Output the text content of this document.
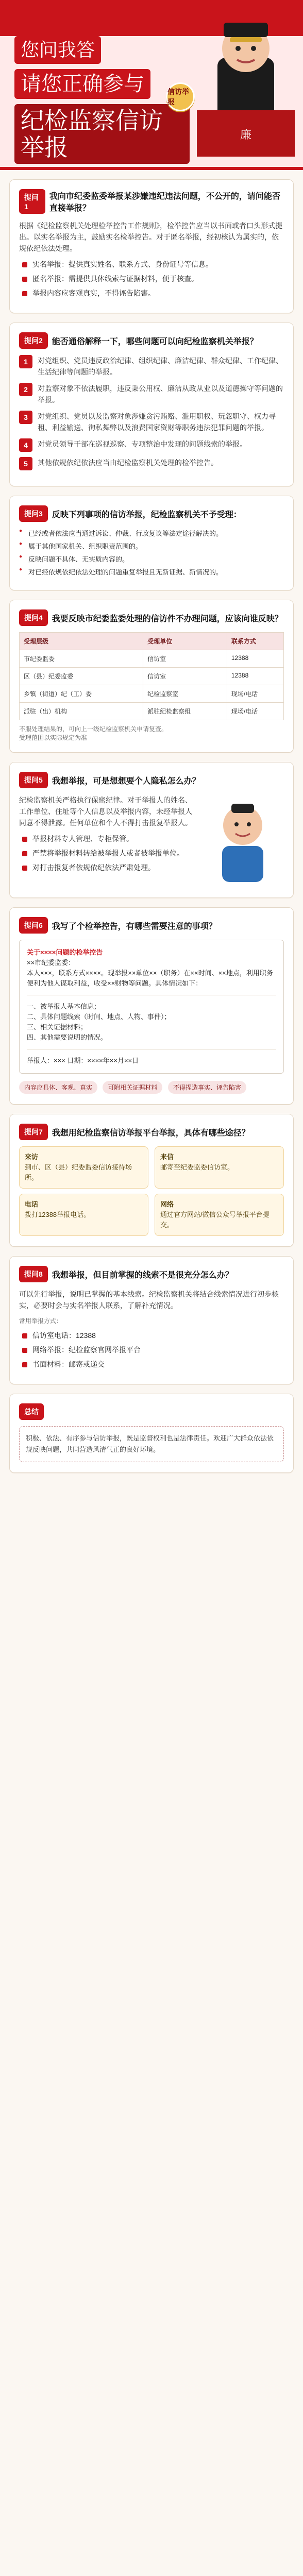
您问我答
请您正确参与
纪检监察信访举报
信访举报
廉
提问1
我向市纪委监委举报某涉嫌违纪违法问题，不公开的，请问能否直接举报？
根据《纪检监察机关处理检举控告工作规则》，检举控告应当以书面或者口头形式提出。以实名举报为主，鼓励实名检举控告。对于匿名举报，经初核认为属实的，依规依纪依法处理。
实名举报：提供真实姓名、联系方式、身份证号等信息。
匿名举报：需提供具体线索与证据材料，便于核查。
举报内容应客观真实，不得诬告陷害。
提问2	能否通俗解释一下，哪些问题可以向纪检监察机关举报？
1	对党组织、党员违反政治纪律、组织纪律、廉洁纪律、群众纪律、工作纪律、生活纪律等问题的举报。
2	对监察对象不依法履职，违反秉公用权、廉洁从政从业以及道德操守等问题的举报。
3	对党组织、党员以及监察对象涉嫌贪污贿赂、滥用职权、玩忽职守、权力寻租、利益输送、徇私舞弊以及浪费国家资财等职务违法犯罪问题的举报。
4	对党员领导干部在巡视巡察、专项整治中发现的问题线索的举报。
5	其他依规依纪依法应当由纪检监察机关处理的检举控告。
提问3	反映下列事项的信访举报，纪检监察机关不予受理：
● 已经或者依法应当通过诉讼、仲裁、行政复议等法定途径解决的。
● 属于其他国家机关、组织职责范围的。
● 反映问题不具体、无实质内容的。
● 对已经依规依纪依法处理的问题重复举报且无新证据、新情况的。
提问4	我要反映市纪委监委处理的信访件不办理问题，应该向谁反映？
受理层级	受理单位	联系方式
市纪委监委	信访室	12388
区（县）纪委监委	信访室	12388
乡镇（街道）纪（工）委	纪检监察室	现场/电话
派驻（出）机构	派驻纪检监察组	现场/电话
不服处理结果的，可向上一级纪检监察机关申请复查。
受理范围以实际规定为准
提问5	我想举报，可是想想要个人隐私怎么办？
纪检监察机关严格执行保密纪律。对于举报人的姓名、工作单位、住址等个人信息以及举报内容，未经举报人同意不得泄露。任何单位和个人不得打击报复举报人。
举报材料专人管理、专柜保管。
严禁将举报材料转给被举报人或者被举报单位。
对打击报复者依规依纪依法严肃处理。
提问6	我写了个检举控告，有哪些需要注意的事项？
关于××××问题的检举控告
××市纪委监委：
本人×××，联系方式××××。现举报××单位××（职务）在××时间、××地点，利用职务便利为他人谋取利益，收受××财物等问题。具体情况如下：
一、被举报人基本信息；
二、具体问题线索（时间、地点、人物、事件）；
三、相关证据材料；
四、其他需要说明的情况。
举报人：××× 日期：××××年××月××日
内容应具体、客观、真实	可附相关证据材料	不得捏造事实、诬告陷害
提问7	我想用纪检监察信访举报平台举报，具体有哪些途径？
来访
到市、区（县）纪委监委信访接待场所。
来信
邮寄至纪委监委信访室。
电话
拨打12388举报电话。
网络
通过官方网站/微信公众号举报平台提交。
提问8	我想举报，但目前掌握的线索不是很充分怎么办？
可以先行举报，说明已掌握的基本线索。纪检监察机关将结合线索情况进行初步核实，必要时会与实名举报人联系，了解补充情况。
常用举报方式：
信访室电话：12388
网络举报：纪检监察官网举报平台
书面材料：邮寄或递交
总结
积极、依法、有序参与信访举报，既是监督权利也是法律责任。欢迎广大群众依法依规反映问题，共同营造风清气正的良好环境。
